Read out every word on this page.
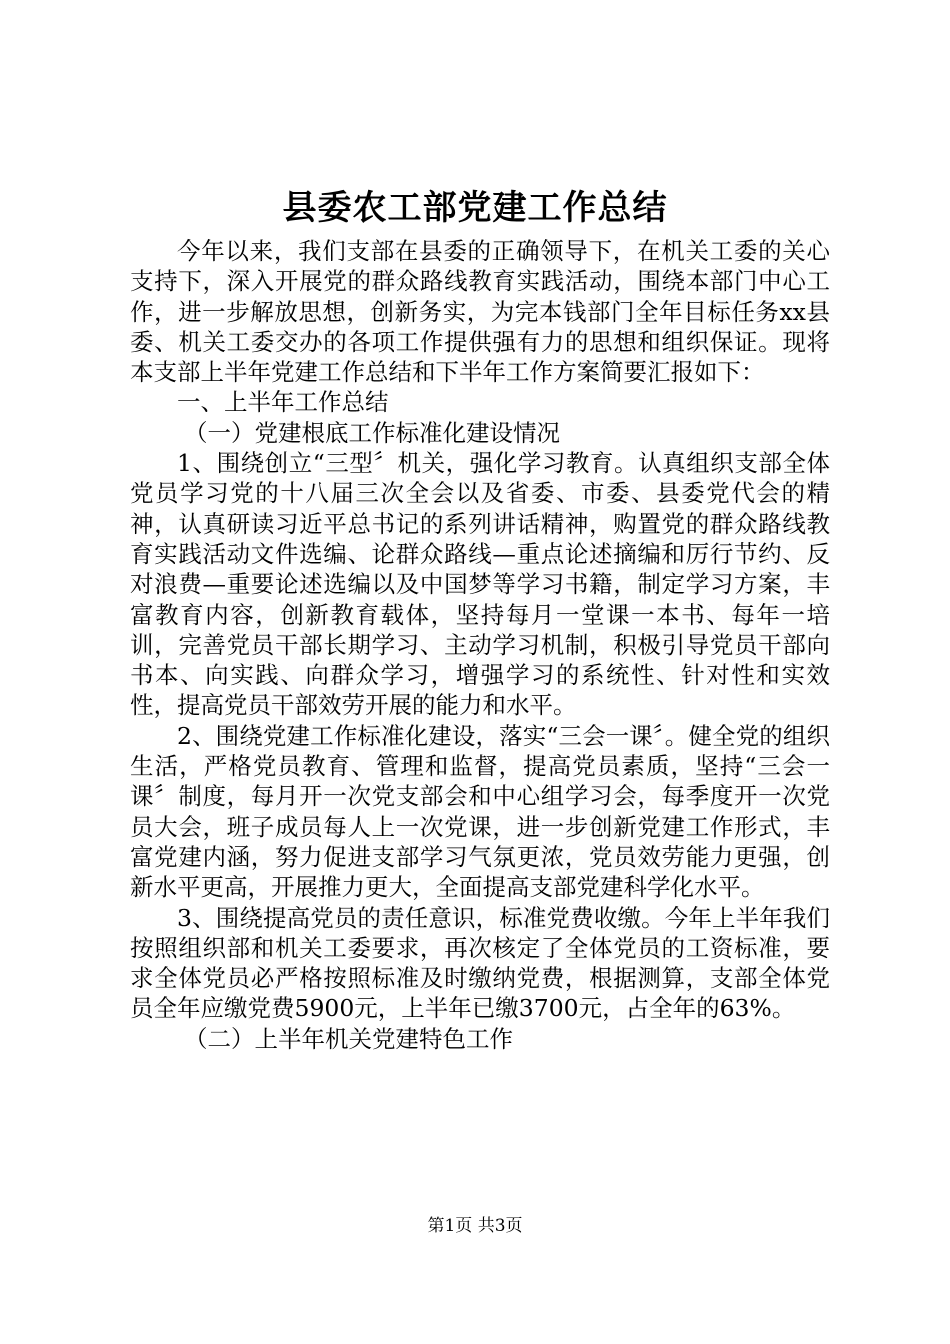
县委农工部党建工作总结

今年以来，我们支部在县委的正确领导下，在机关工委的关心支持下，深入开展党的群众路线教育实践活动，围绕本部门中心工作，进一步解放思想，创新务实，为完本钱部门全年目标任务xx县委、机关工委交办的各项工作提供强有力的思想和组织保证。现将本支部上半年党建工作总结和下半年工作方案简要汇报如下：

一、上半年工作总结

（一）党建根底工作标准化建设情况

1、围绕创立“三型〞机关，强化学习教育。认真组织支部全体党员学习党的十八届三次全会以及省委、市委、县委党代会的精神，认真研读习近平总书记的系列讲话精神，购置党的群众路线教育实践活动文件选编、论群众路线—重点论述摘编和厉行节约、反对浪费—重要论述选编以及中国梦等学习书籍，制定学习方案，丰富教育内容，创新教育载体，坚持每月一堂课一本书、每年一培训，完善党员干部长期学习、主动学习机制，积极引导党员干部向书本、向实践、向群众学习，增强学习的系统性、针对性和实效性，提高党员干部效劳开展的能力和水平。

2、围绕党建工作标准化建设，落实“三会一课〞。健全党的组织生活，严格党员教育、管理和监督，提高党员素质，坚持“三会一课〞制度，每月开一次党支部会和中心组学习会，每季度开一次党员大会，班子成员每人上一次党课，进一步创新党建工作形式，丰富党建内涵，努力促进支部学习气氛更浓，党员效劳能力更强，创新水平更高，开展推力更大，全面提高支部党建科学化水平。

3、围绕提高党员的责任意识，标准党费收缴。今年上半年我们按照组织部和机关工委要求，再次核定了全体党员的工资标准，要求全体党员必严格按照标准及时缴纳党费，根据测算，支部全体党员全年应缴党费5900元，上半年已缴3700元，占全年的63%。

（二）上半年机关党建特色工作

第1页 共3页
